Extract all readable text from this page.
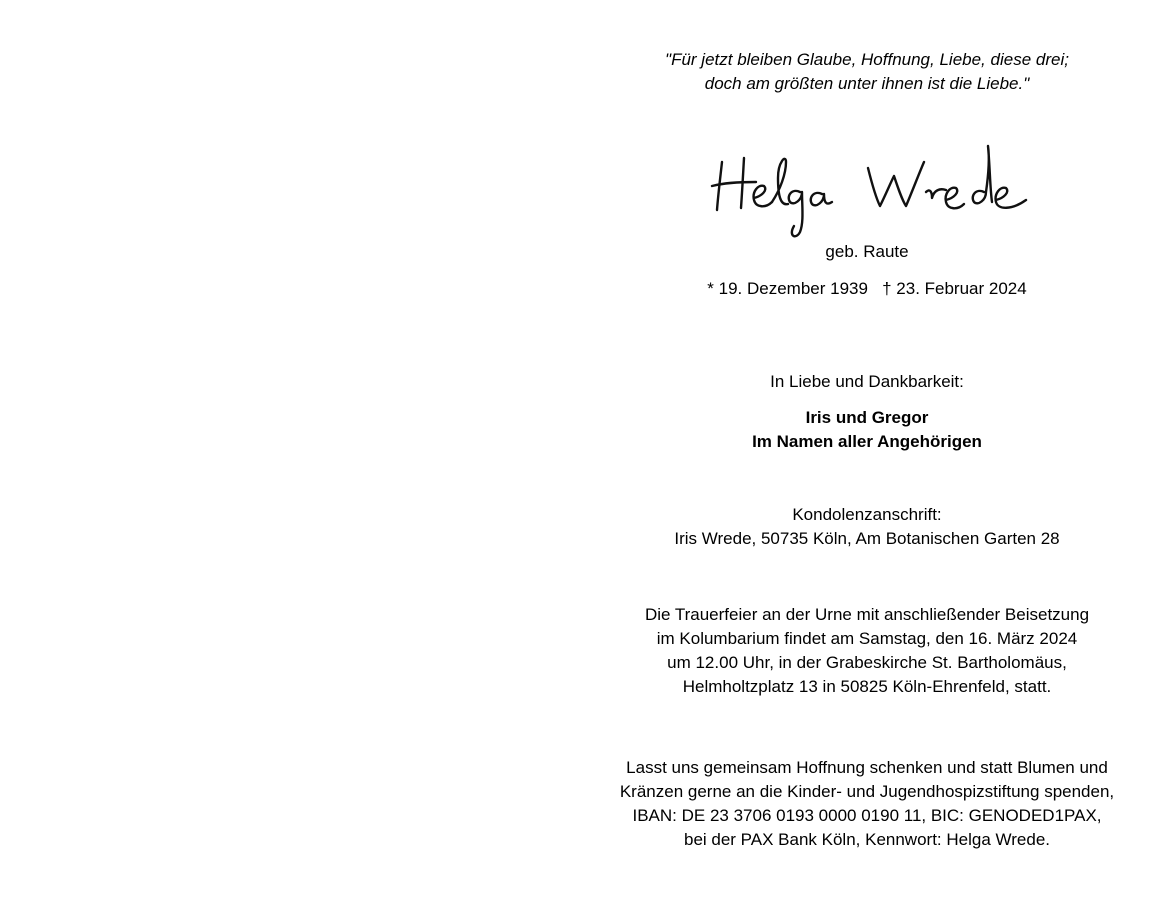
"Für jetzt bleiben Glaube, Hoffnung, Liebe, diese drei;
doch am größten unter ihnen ist die Liebe."
geb. Raute
* 19. Dezember 1939   † 23. Februar 2024
In Liebe und Dankbarkeit:
Iris und Gregor
Im Namen aller Angehörigen
Kondolenzanschrift:
Iris Wrede, 50735 Köln, Am Botanischen Garten 28
Die Trauerfeier an der Urne mit anschließender Beisetzung
im Kolumbarium findet am Samstag, den 16. März 2024
um 12.00 Uhr, in der Grabeskirche St. Bartholomäus,
Helmholtzplatz 13 in 50825 Köln-Ehrenfeld, statt.
Lasst uns gemeinsam Hoffnung schenken und statt Blumen und
Kränzen gerne an die Kinder- und Jugendhospizstiftung spenden,
IBAN: DE 23 3706 0193 0000 0190 11, BIC: GENODED1PAX,
bei der PAX Bank Köln, Kennwort: Helga Wrede.
